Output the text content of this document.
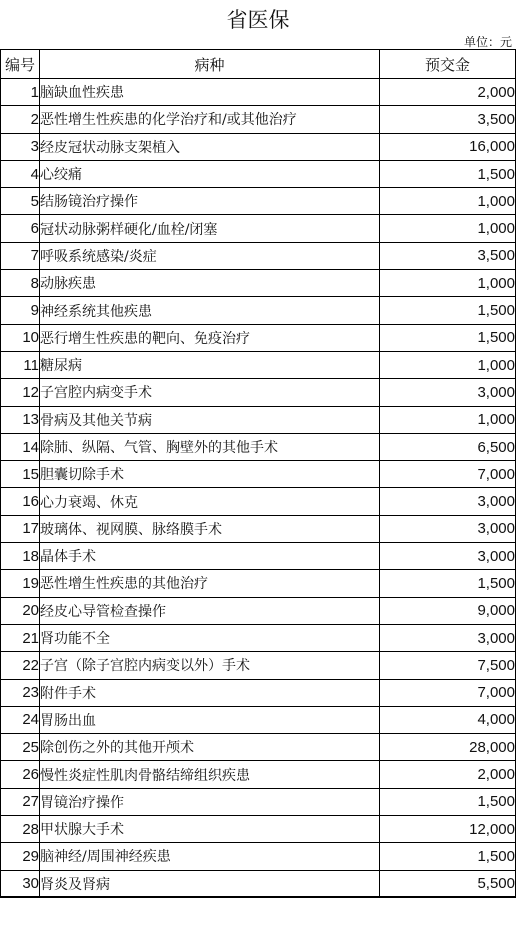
省医保
单位：元
编号	病种	预交金
1	脑缺血性疾患	2,000
2	恶性增生性疾患的化学治疗和/或其他治疗	3,500
3	经皮冠状动脉支架植入	16,000
4	心绞痛	1,500
5	结肠镜治疗操作	1,000
6	冠状动脉粥样硬化/血栓/闭塞	1,000
7	呼吸系统感染/炎症	3,500
8	动脉疾患	1,000
9	神经系统其他疾患	1,500
10	恶行增生性疾患的靶向、免疫治疗	1,500
11	糖尿病	1,000
12	子宫腔内病变手术	3,000
13	骨病及其他关节病	1,000
14	除肺、纵隔、气管、胸壁外的其他手术	6,500
15	胆囊切除手术	7,000
16	心力衰竭、休克	3,000
17	玻璃体、视网膜、脉络膜手术	3,000
18	晶体手术	3,000
19	恶性增生性疾患的其他治疗	1,500
20	经皮心导管检查操作	9,000
21	肾功能不全	3,000
22	子宫（除子宫腔内病变以外）手术	7,500
23	附件手术	7,000
24	胃肠出血	4,000
25	除创伤之外的其他开颅术	28,000
26	慢性炎症性肌肉骨骼结缔组织疾患	2,000
27	胃镜治疗操作	1,500
28	甲状腺大手术	12,000
29	脑神经/周围神经疾患	1,500
30	肾炎及肾病	5,500
